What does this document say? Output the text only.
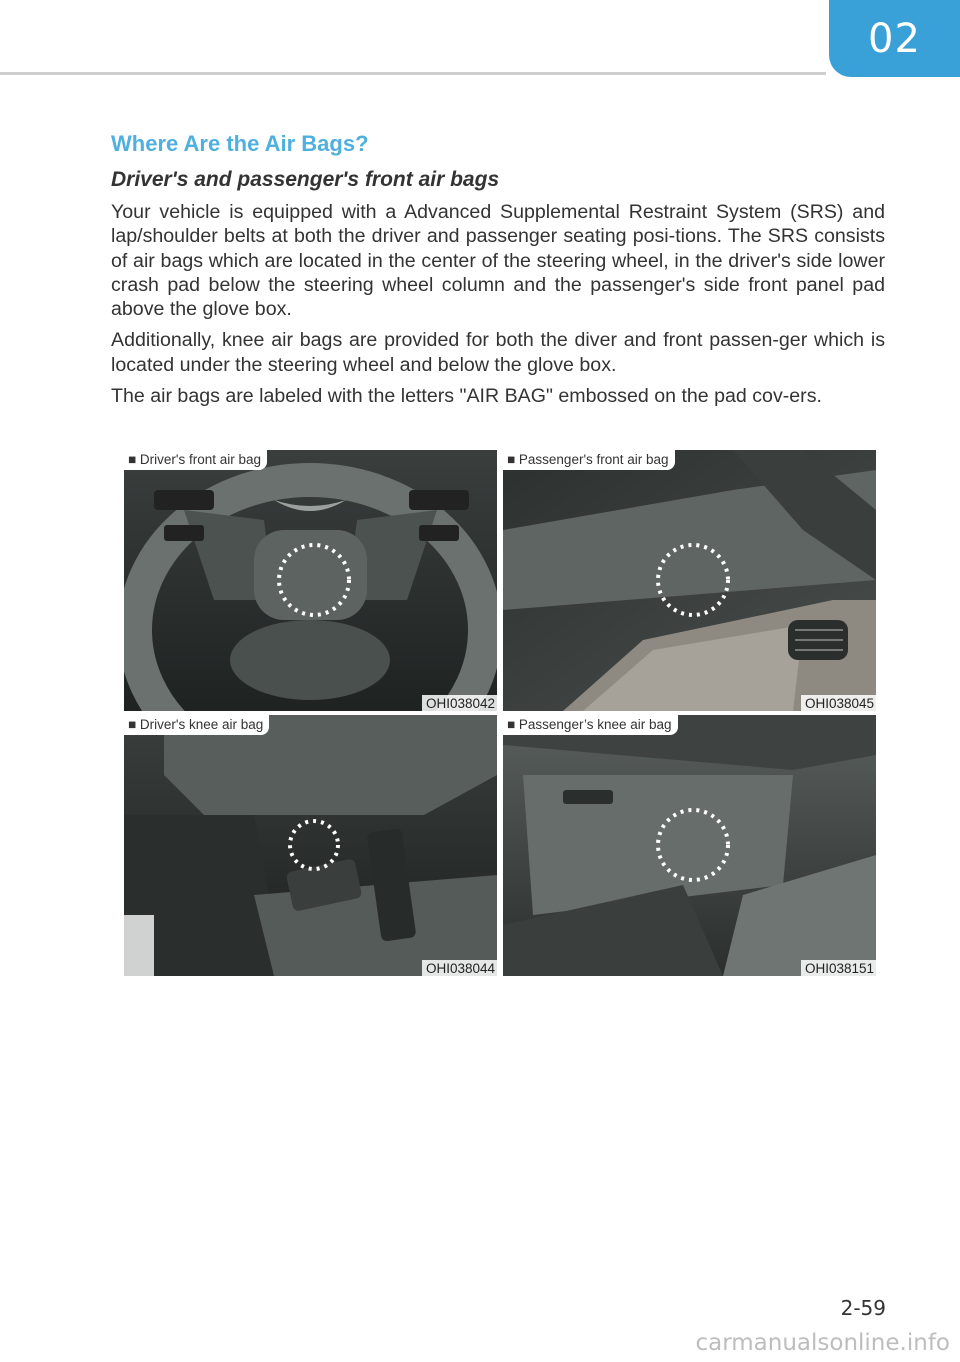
02
Where Are the Air Bags?
Driver's and passenger's front air bags

Your vehicle is equipped with a Advanced Supplemental Restraint System (SRS) and lap/shoulder belts at both the driver and passenger seating posi-tions. The SRS consists of air bags which are located in the center of the steering wheel, in the driver's side lower crash pad below the steering wheel column and the passenger's side front panel pad above the glove box.

Additionally, knee air bags are provided for both the diver and front passen-ger which is located under the steering wheel and below the glove box.

The air bags are labeled with the letters "AIR BAG" embossed on the pad cov-ers.

■ Driver's front air bag
OHI038042
■ Passenger's front air bag
OHI038045
■ Driver's knee air bag
OHI038044
■ Passenger’s knee air bag
OHI038151
2-59
carmanualsonline.info
